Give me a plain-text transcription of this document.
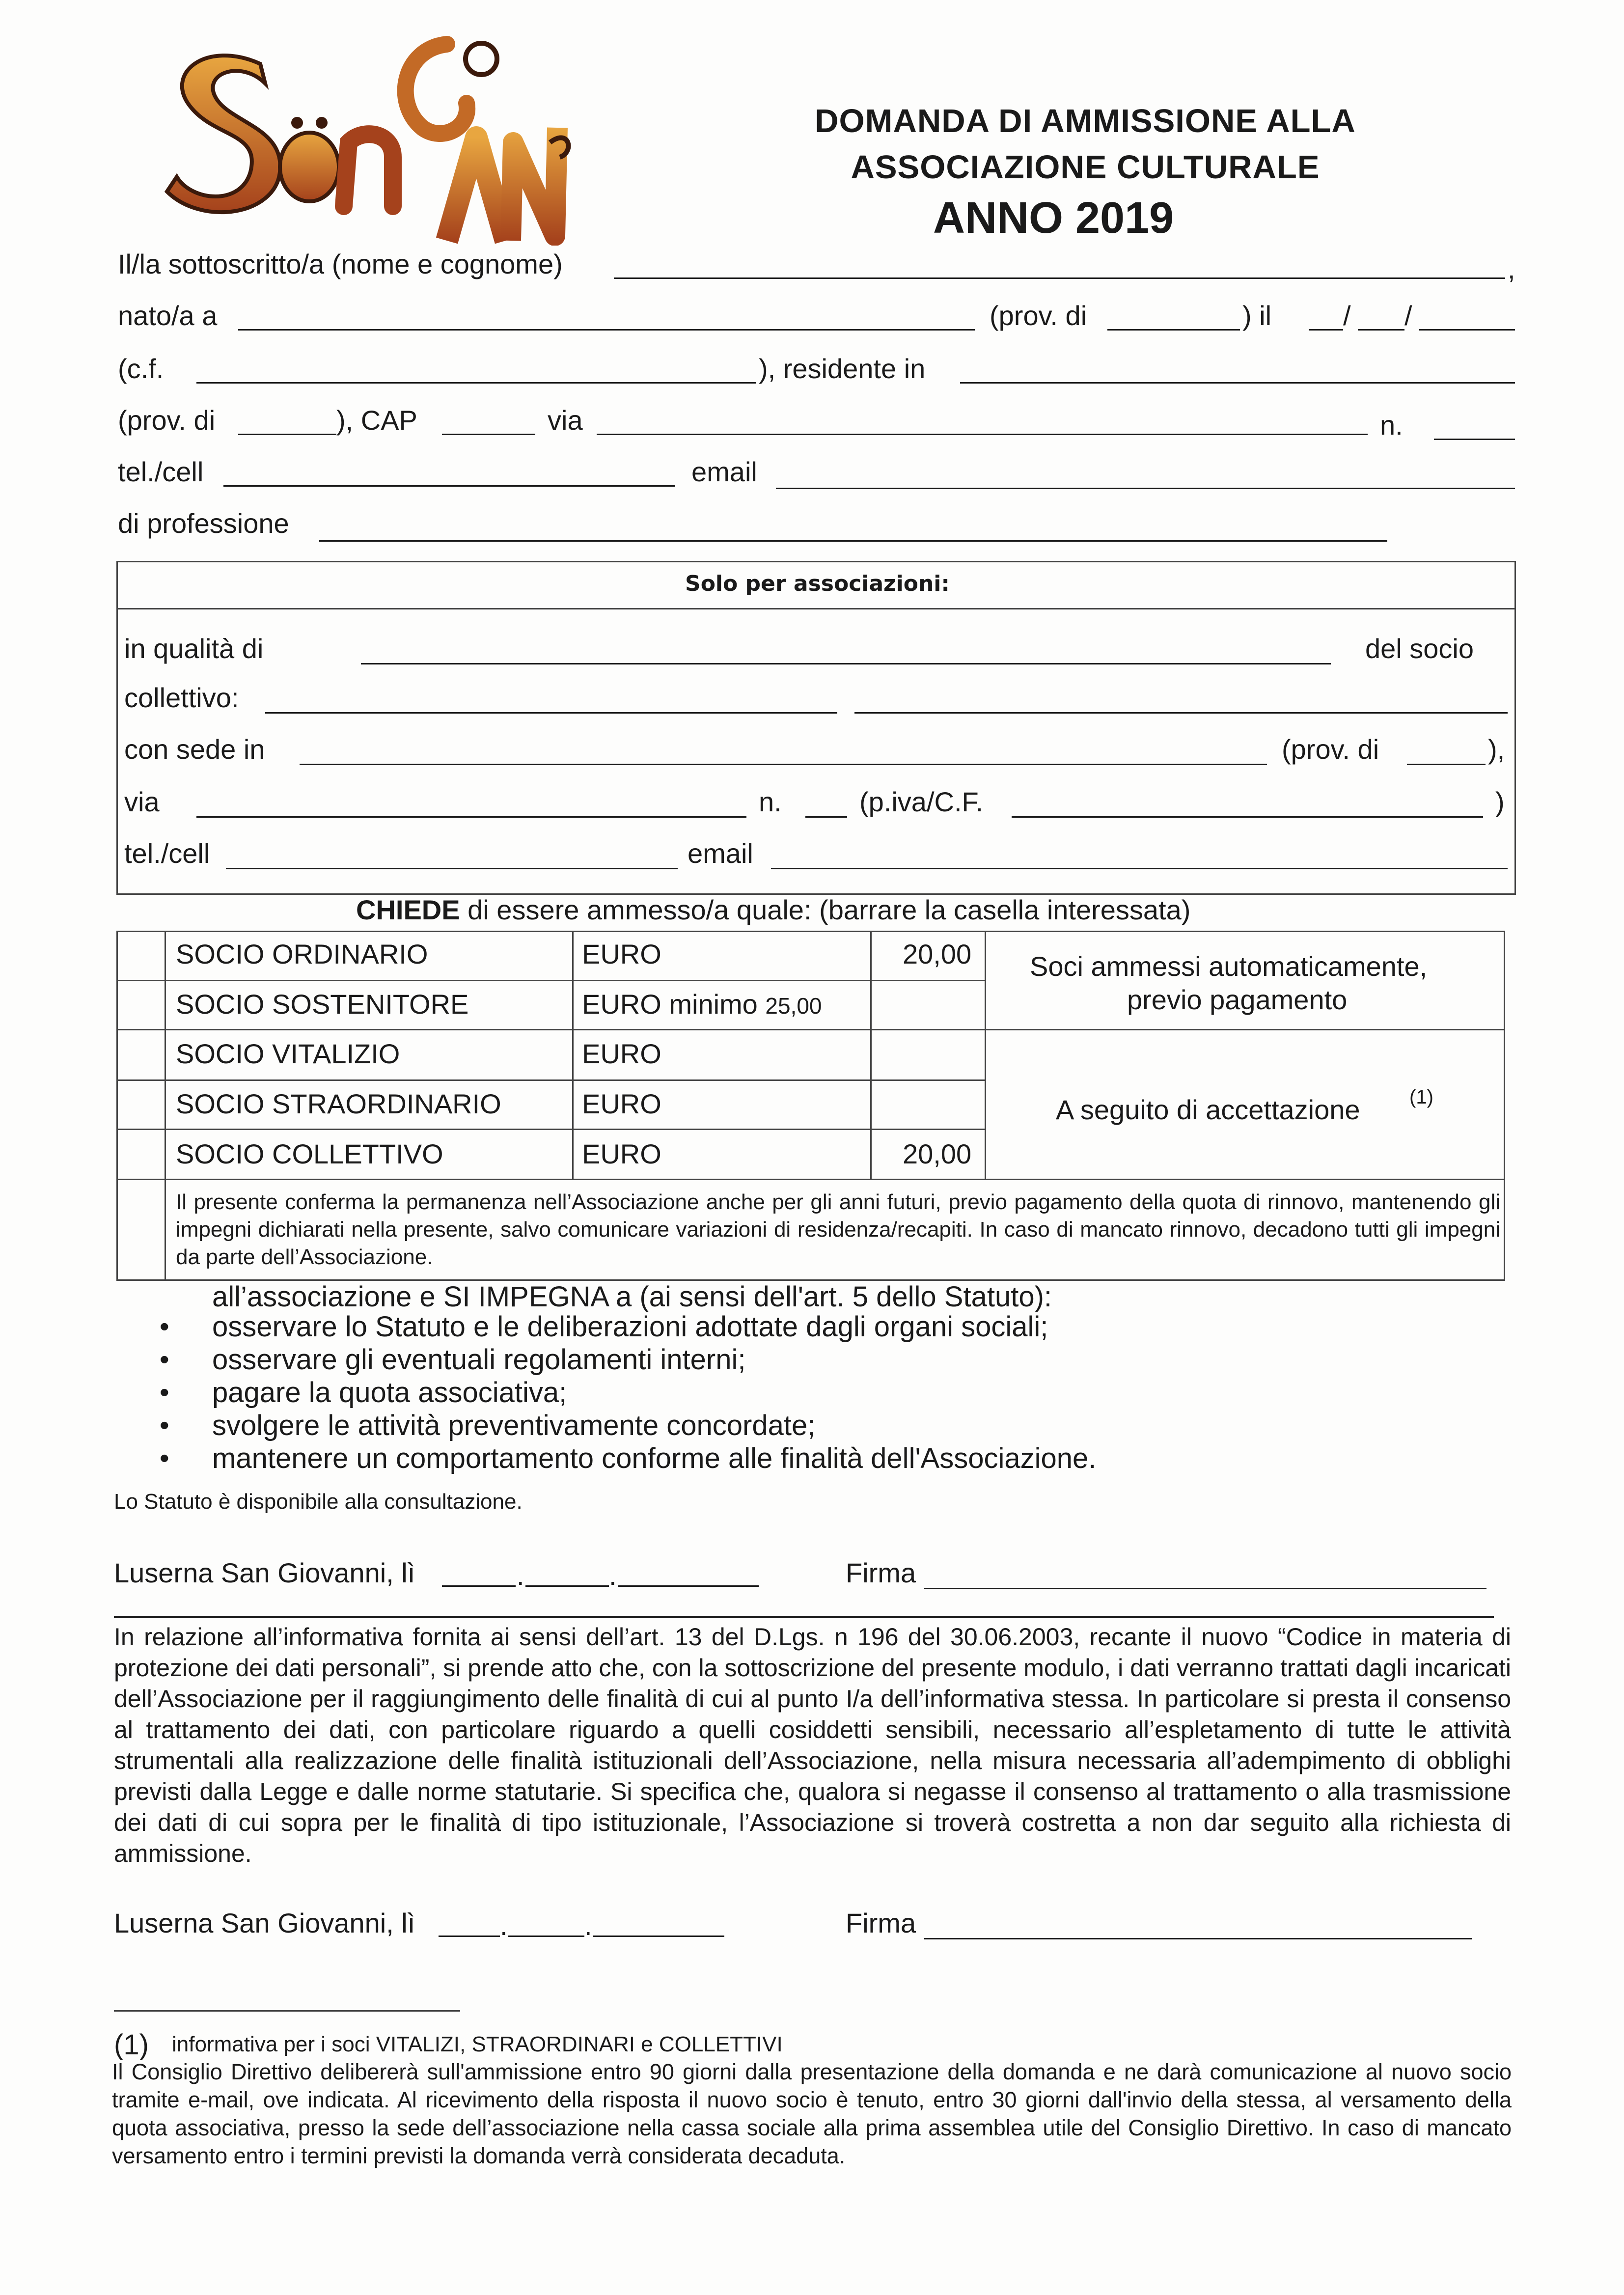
DOMANDA DI AMMISSIONE ALLA
ASSOCIAZIONE CULTURALE
ANNO 2019
Il/la sottoscritto/a (nome e cognome)	,
nato/a a	(prov. di	) il	/ /
(c.f.	), residente in
(prov. di	), CAP	via	n.
tel./cell	email
di professione
Solo per associazioni:
in qualità di	del socio
collettivo:
con sede in	(prov. di	),
via	n.	(p.iva/C.F.	)
tel./cell	email
CHIEDE di essere ammesso/a quale: (barrare la casella interessata)
SOCIO ORDINARIO	EURO	20,00
SOCIO SOSTENITORE	EURO minimo 25,00
SOCIO VITALIZIO	EURO
SOCIO STRAORDINARIO	EURO
SOCIO COLLETTIVO	EURO	20,00
Soci ammessi automaticamente,
previo pagamento
A seguito di accettazione	(1)
Il presente conferma la permanenza nell’Associazione anche per gli anni futuri, previo pagamento della quota di rinnovo, mantenendo gli impegni dichiarati nella presente, salvo comunicare variazioni di residenza/recapiti. In caso di mancato rinnovo, decadono tutti gli impegni da parte dell’Associazione.
all’associazione e SI IMPEGNA a (ai sensi dell'art. 5 dello Statuto):
• osservare lo Statuto e le deliberazioni adottate dagli organi sociali;
• osservare gli eventuali regolamenti interni;
• pagare la quota associativa;
• svolgere le attività preventivamente concordate;
• mantenere un comportamento conforme alle finalità dell'Associazione.
Lo Statuto è disponibile alla consultazione.
Luserna San Giovanni, lì	.	.	Firma
In relazione all’informativa fornita ai sensi dell’art. 13 del D.Lgs. n 196 del 30.06.2003, recante il nuovo “Codice in materia di protezione dei dati personali”, si prende atto che, con la sottoscrizione del presente modulo, i dati verranno trattati dagli incaricati dell’Associazione per il raggiungimento delle finalità di cui al punto I/a dell’informativa stessa. In particolare si presta il consenso al trattamento dei dati, con particolare riguardo a quelli cosiddetti sensibili, necessario all’espletamento di tutte le attività strumentali alla realizzazione delle finalità istituzionali dell’Associazione, nella misura necessaria all’adempimento di obblighi previsti dalla Legge e dalle norme statutarie. Si specifica che, qualora si negasse il consenso al trattamento o alla trasmissione dei dati di cui sopra per le finalità di tipo istituzionale, l’Associazione si troverà costretta a non dar seguito alla richiesta di ammissione.
Luserna San Giovanni, lì	.	.	Firma
(1) informativa per i soci VITALIZI, STRAORDINARI e COLLETTIVI
Il Consiglio Direttivo delibererà sull'ammissione entro 90 giorni dalla presentazione della domanda e ne darà comunicazione al nuovo socio tramite e-mail, ove indicata. Al ricevimento della risposta il nuovo socio è tenuto, entro 30 giorni dall'invio della stessa, al versamento della quota associativa, presso la sede dell’associazione nella cassa sociale alla prima assemblea utile del Consiglio Direttivo. In caso di mancato versamento entro i termini previsti la domanda verrà considerata decaduta.
